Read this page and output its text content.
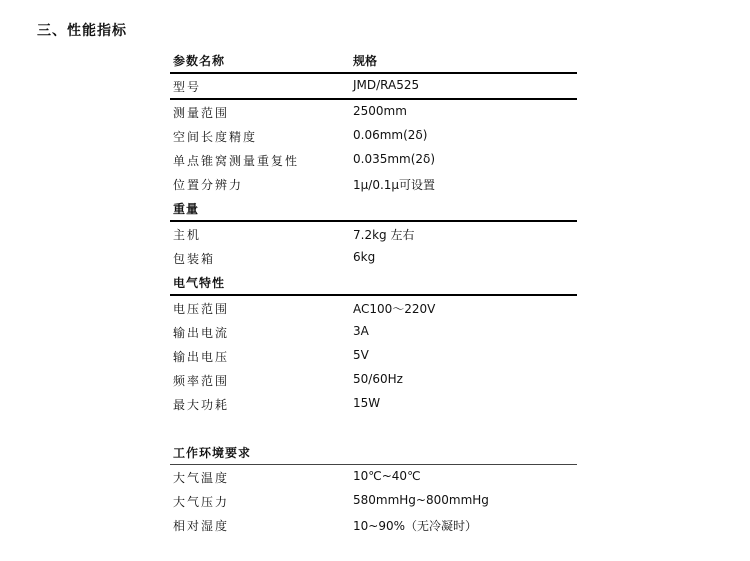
三、性能指标
参数名称	规格
型号	JMD/RA525
测量范围	2500mm
空间长度精度	0.06mm(2δ)
单点锥窝测量重复性	0.035mm(2δ)
位置分辨力	1μ/0.1μ可设置
重量
主机	7.2kg 左右
包装箱	6kg
电气特性
电压范围	AC100～220V
输出电流	3A
输出电压	5V
频率范围	50/60Hz
最大功耗	15W
工作环境要求
大气温度	10℃~40℃
大气压力	580mmHg~800mmHg
相对湿度	10~90%（无冷凝时）
